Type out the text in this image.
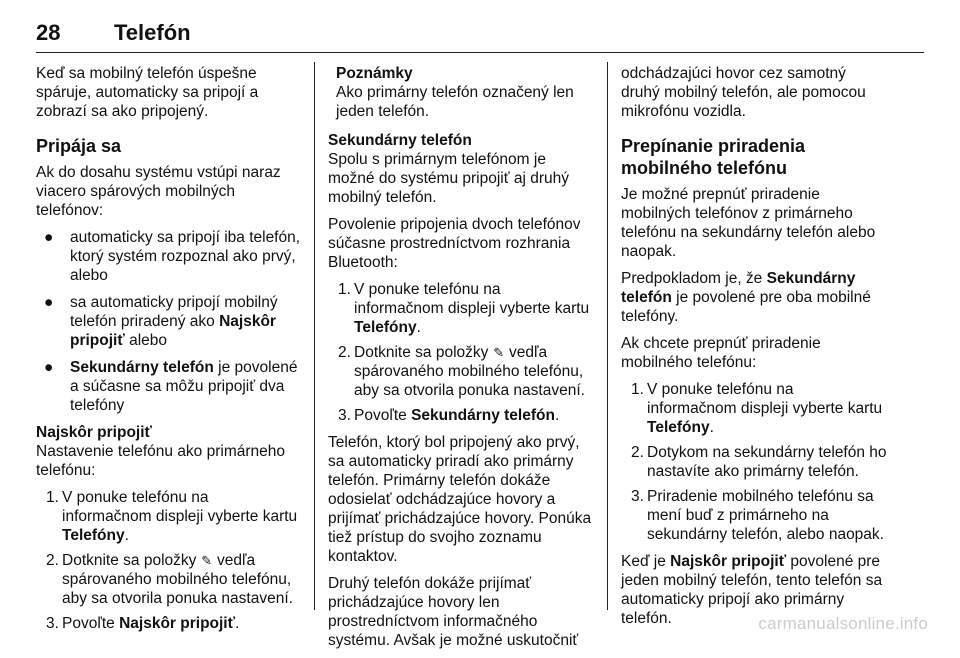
28 Telefón

Keď sa mobilný telefón úspešne spáruje, automaticky sa pripojí a zobrazí sa ako pripojený.

Pripája sa

Ak do dosahu systému vstúpi naraz viacero spárových mobilných telefónov:

● automaticky sa pripojí iba telefón, ktorý systém rozpoznal ako prvý, alebo
● sa automaticky pripojí mobilný telefón priradený ako Najskôr pripojiť alebo
● Sekundárny telefón je povolené a súčasne sa môžu pripojiť dva telefóny
Najskôr pripojiť

Nastavenie telefónu ako primárneho telefónu:

1. V ponuke telefónu na informačnom displeji vyberte kartu Telefóny.
2. Dotknite sa položky ✎ vedľa spárovaného mobilného telefónu, aby sa otvorila ponuka nastavení.
3. Povoľte Najskôr pripojiť.
Poznámky
Ako primárny telefón označený len jeden telefón.
Sekundárny telefón

Spolu s primárnym telefónom je možné do systému pripojiť aj druhý mobilný telefón.

Povolenie pripojenia dvoch telefónov súčasne prostredníctvom rozhrania Bluetooth:

1. V ponuke telefónu na informačnom displeji vyberte kartu Telefóny.
2. Dotknite sa položky ✎ vedľa spárovaného mobilného telefónu, aby sa otvorila ponuka nastavení.
3. Povoľte Sekundárny telefón.

Telefón, ktorý bol pripojený ako prvý, sa automaticky priradí ako primárny telefón. Primárny telefón dokáže odosielať odchádzajúce hovory a prijímať prichádzajúce hovory. Ponúka tiež prístup do svojho zoznamu kontaktov.

Druhý telefón dokáže prijímať prichádzajúce hovory len prostredníctvom informačného systému. Avšak je možné uskutočniť

odchádzajúci hovor cez samotný druhý mobilný telefón, ale pomocou mikrofónu vozidla.

Prepínanie priradenia mobilného telefónu

Je možné prepnúť priradenie mobilných telefónov z primárneho telefónu na sekundárny telefón alebo naopak.

Predpokladom je, že Sekundárny telefón je povolené pre oba mobilné telefóny.

Ak chcete prepnúť priradenie mobilného telefónu:

1. V ponuke telefónu na informačnom displeji vyberte kartu Telefóny.
2. Dotykom na sekundárny telefón ho nastavíte ako primárny telefón.
3. Priradenie mobilného telefónu sa mení buď z primárneho na sekundárny telefón, alebo naopak.

Keď je Najskôr pripojiť povolené pre jeden mobilný telefón, tento telefón sa automaticky pripojí ako primárny telefón.	carmanualsonline.info
